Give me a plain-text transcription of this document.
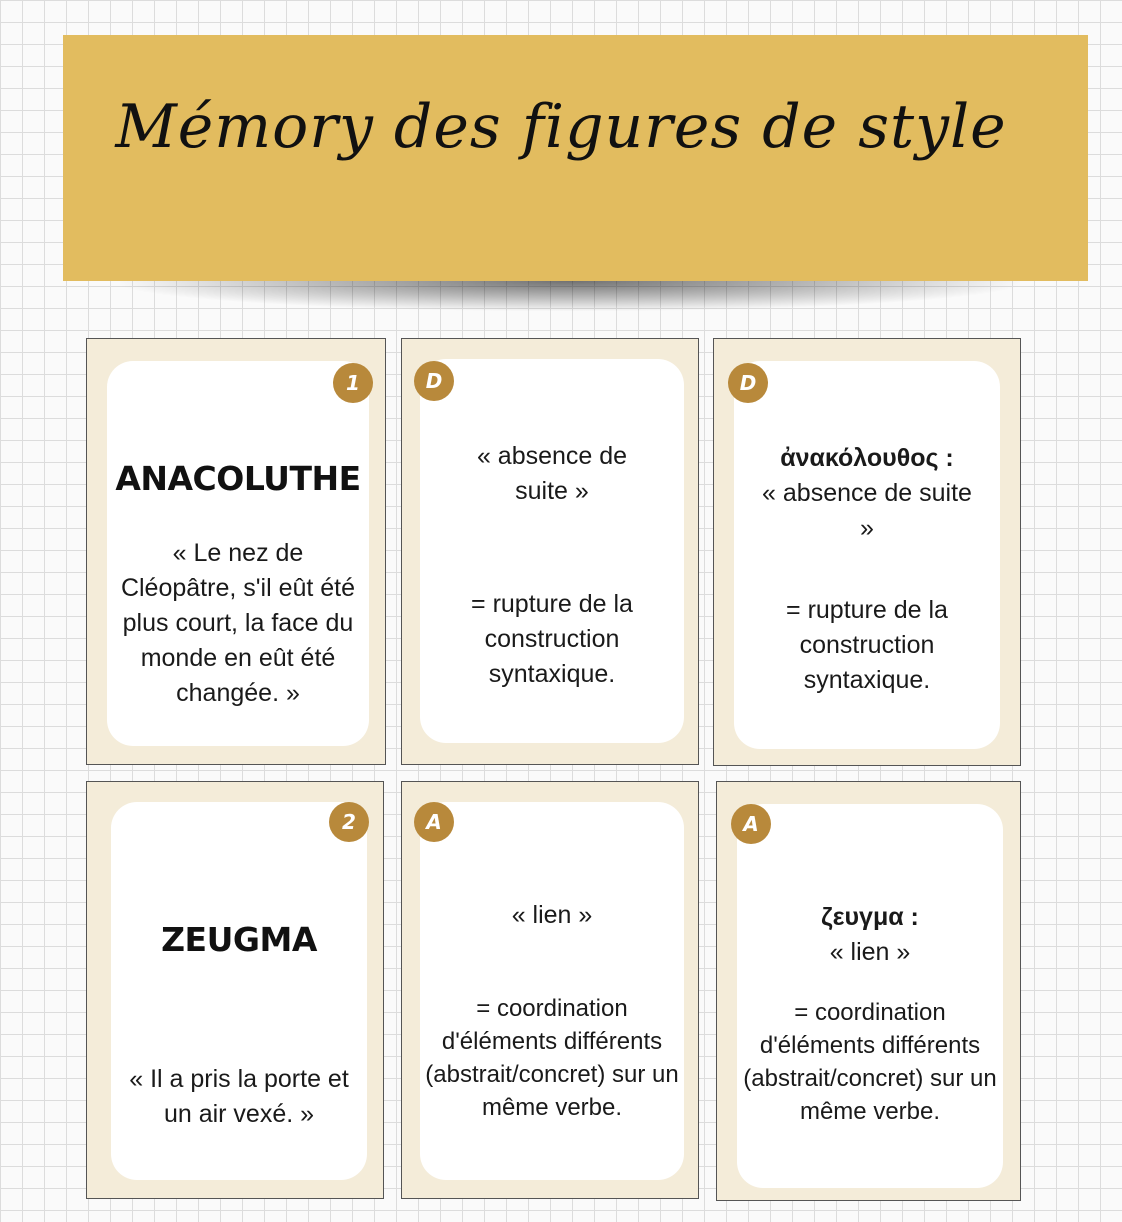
Mémory des figures de style
1
ANACOLUTHE
« Le nez de Cléopâtre, s'il eût été plus court, la face du monde en eût été changée. »
D
« absence de suite »
= rupture de la construction syntaxique.
D
ἀνακόλουθος :
« absence de suite »
= rupture de la construction syntaxique.
2
ZEUGMA
« Il a pris la porte et un air vexé. »
A
« lien »
= coordination d'éléments différents (abstrait/concret) sur un même verbe.
A
ζευγμα :
« lien »
= coordination d'éléments différents (abstrait/concret) sur un même verbe.
